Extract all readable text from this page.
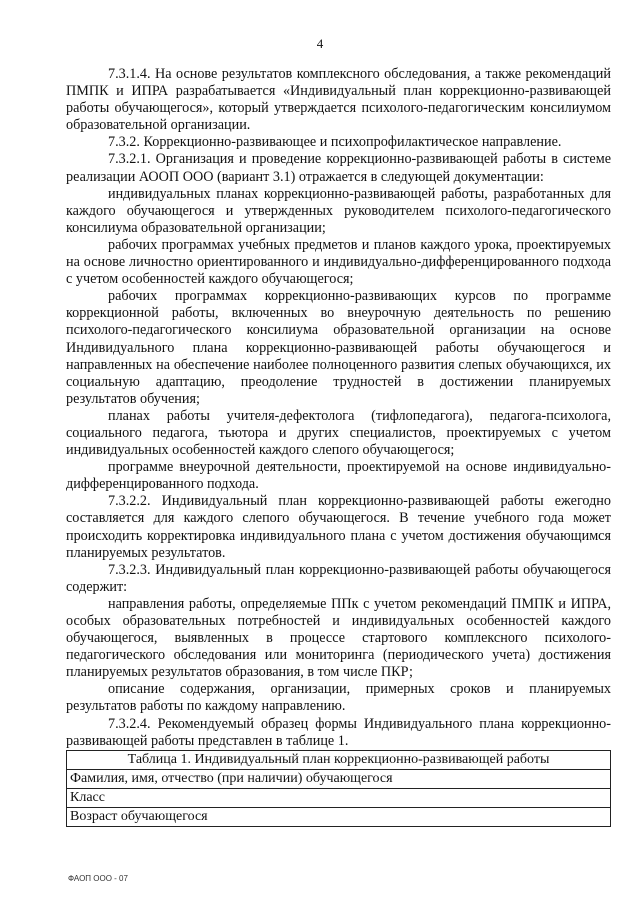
4

7.3.1.4. На основе результатов комплексного обследования, а также рекомендаций ПМПК и ИПРА разрабатывается «Индивидуальный план коррекционно-развивающей работы обучающегося», который утверждается психолого-педагогическим консилиумом образовательной организации.

7.3.2. Коррекционно-развивающее и психопрофилактическое направление.

7.3.2.1. Организация и проведение коррекционно-развивающей работы в системе реализации АООП ООО (вариант 3.1) отражается в следующей документации:

индивидуальных планах коррекционно-развивающей работы, разработанных для каждого обучающегося и утвержденных руководителем психолого-педагогического консилиума образовательной организации;

рабочих программах учебных предметов и планов каждого урока, проектируемых на основе личностно ориентированного и индивидуально-дифференцированного подхода с учетом особенностей каждого обучающегося;

рабочих программах коррекционно-развивающих курсов по программе коррекционной работы, включенных во внеурочную деятельность по решению психолого-педагогического консилиума образовательной организации на основе Индивидуального плана коррекционно-развивающей работы обучающегося и направленных на обеспечение наиболее полноценного развития слепых обучающихся, их социальную адаптацию, преодоление трудностей в достижении планируемых результатов обучения;

планах работы учителя-дефектолога (тифлопедагога), педагога-психолога, социального педагога, тьютора и других специалистов, проектируемых с учетом индивидуальных особенностей каждого слепого обучающегося;

программе внеурочной деятельности, проектируемой на основе индивидуально-дифференцированного подхода.

7.3.2.2. Индивидуальный план коррекционно-развивающей работы ежегодно составляется для каждого слепого обучающегося. В течение учебного года может происходить корректировка индивидуального плана с учетом достижения обучающимся планируемых результатов.

7.3.2.3. Индивидуальный план коррекционно-развивающей работы обучающегося содержит:

направления работы, определяемые ППк с учетом рекомендаций ПМПК и ИПРА, особых образовательных потребностей и индивидуальных особенностей каждого обучающегося, выявленных в процессе стартового комплексного психолого-педагогического обследования или мониторинга (периодического учета) достижения планируемых результатов образования, в том числе ПКР;

описание содержания, организации, примерных сроков и планируемых результатов работы по каждому направлению.

7.3.2.4. Рекомендуемый образец формы Индивидуального плана коррекционно-развивающей работы представлен в таблице 1.

Таблица 1. Индивидуальный план коррекционно-развивающей работы
Фамилия, имя, отчество (при наличии) обучающегося
Класс
Возраст обучающегося
ФАОП ООО - 07
